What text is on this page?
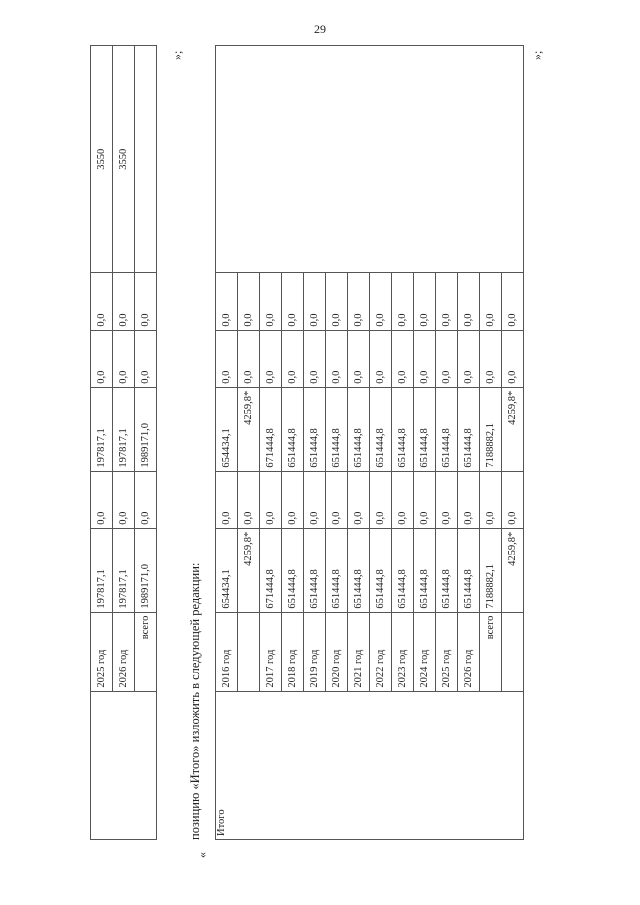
29
»;
	2025 год	197817,1	0,0	197817,1	0,0	0,0	3550
	2026 год	197817,1	0,0	197817,1	0,0	0,0	3550
	всего	1989171,0	0,0	1989171,0	0,0	0,0	
«
позицию «Итого» изложить в следующей редакции: Итого	2016 год	654434,1	0,0	654434,1	0,0	0,0	
		4259,8*	0,0	4259,8*	0,0	0,0	
	2017 год	671444,8	0,0	671444,8	0,0	0,0	
	2018 год	651444,8	0,0	651444,8	0,0	0,0	
	2019 год	651444,8	0,0	651444,8	0,0	0,0	
	2020 год	651444,8	0,0	651444,8	0,0	0,0	
	2021 год	651444,8	0,0	651444,8	0,0	0,0	
	2022 год	651444,8	0,0	651444,8	0,0	0,0	
	2023 год	651444,8	0,0	651444,8	0,0	0,0	
	2024 год	651444,8	0,0	651444,8	0,0	0,0	
	2025 год	651444,8	0,0	651444,8	0,0	0,0	
	2026 год	651444,8	0,0	651444,8	0,0	0,0	
	всего	7188882,1	0,0	7188882,1	0,0	0,0	
		4259,8*	0,0	4259,8*	0,0	0,0	
»;
